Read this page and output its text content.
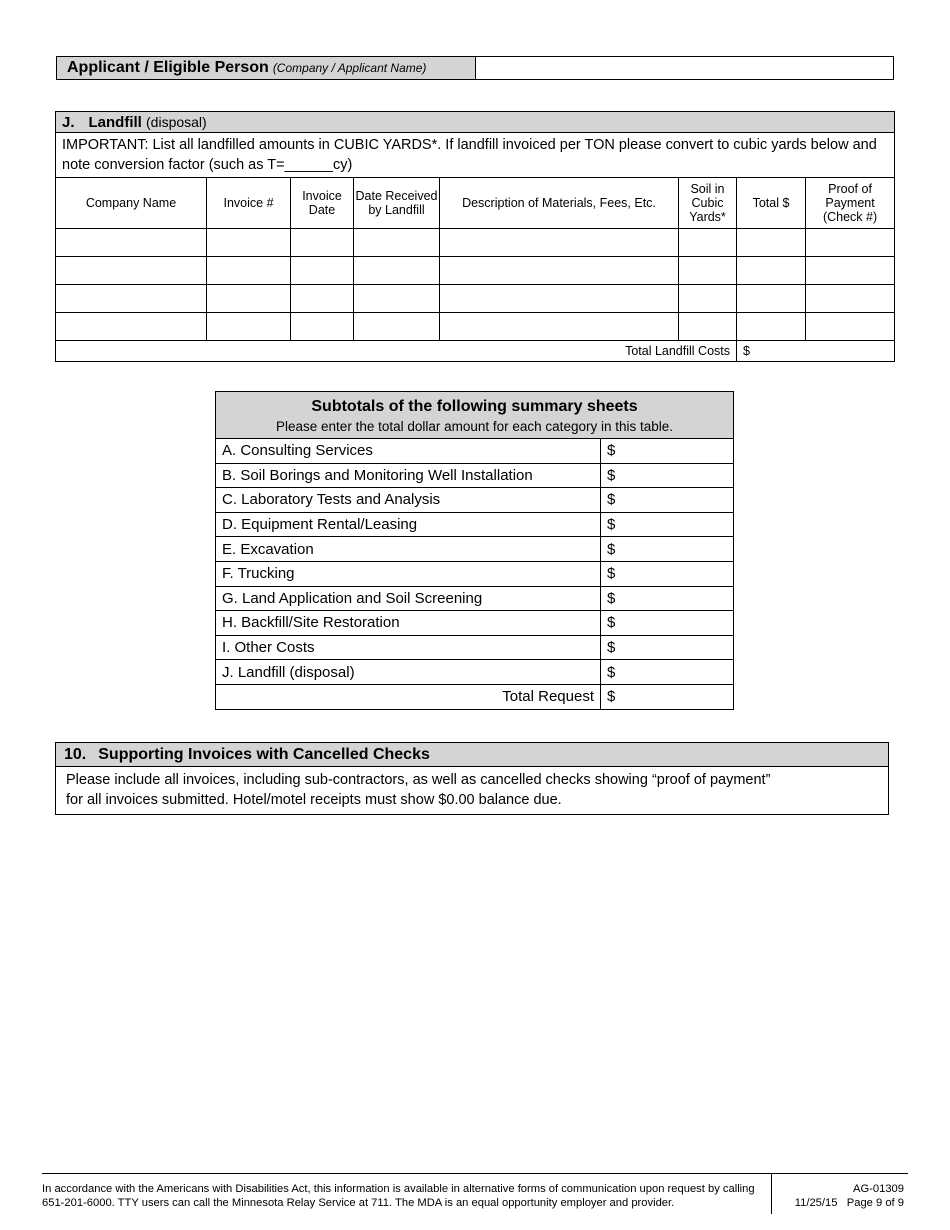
Applicant / Eligible Person (Company / Applicant Name)
J. Landfill (disposal)							
IMPORTANT: List all landfilled amounts in CUBIC YARDS*. If landfill invoiced per TON please convert to cubic yards below and note conversion factor (such as T=______cy)							
Company Name	Invoice #	Invoice Date	Date Received by Landfill	Description of Materials, Fees, Etc.	Soil in Cubic Yards*	Total $	Proof of Payment (Check #)

Total Landfill Costs						$	
Subtotals of the following summary sheets
Please enter the total dollar amount for each category in this table.	

A. Consulting Services	$
B. Soil Borings and Monitoring Well Installation	$
C. Laboratory Tests and Analysis	$
D. Equipment Rental/Leasing	$
E. Excavation	$
F. Trucking	$
G. Land Application and Soil Screening	$
H. Backfill/Site Restoration	$
I. Other Costs	$
J. Landfill (disposal)	$
Total Request	$
10. Supporting Invoices with Cancelled Checks
Please include all invoices, including sub-contractors, as well as cancelled checks showing “proof of payment”
for all invoices submitted. Hotel/motel receipts must show $0.00 balance due.
In accordance with the Americans with Disabilities Act, this information is available in alternative forms of communication upon request by calling
651-201-6000. TTY users can call the Minnesota Relay Service at 711. The MDA is an equal opportunity employer and provider.
AG-01309
11/25/15   Page 9 of 9
